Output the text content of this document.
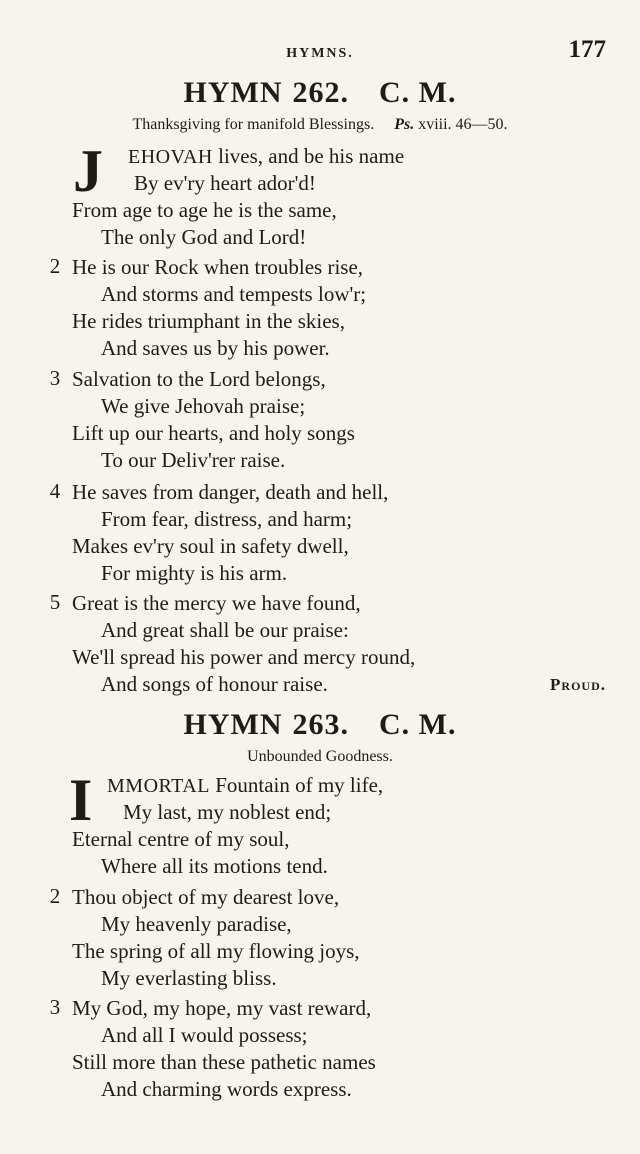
HYMNS.	177
HYMN 262. C. M.
Thanksgiving for manifold Blessings. Ps. xviii. 46—50.
J	EHOVAH lives, and be his name
By ev'ry heart ador'd!
From age to age he is the same,
The only God and Lord!
2 He is our Rock when troubles rise,
And storms and tempests low'r;
He rides triumphant in the skies,
And saves us by his power.
3 Salvation to the Lord belongs,
We give Jehovah praise;
Lift up our hearts, and holy songs
To our Deliv'rer raise.
4 He saves from danger, death and hell,
From fear, distress, and harm;
Makes ev'ry soul in safety dwell,
For mighty is his arm.
5 Great is the mercy we have found,
And great shall be our praise:
We'll spread his power and mercy round,
And songs of honour raise.	Proud.
HYMN 263. C. M.
Unbounded Goodness.
I MMORTAL Fountain of my life,
My last, my noblest end;
Eternal centre of my soul,
Where all its motions tend.
2 Thou object of my dearest love,
My heavenly paradise,
The spring of all my flowing joys,
My everlasting bliss.
3 My God, my hope, my vast reward,
And all I would possess;
Still more than these pathetic names
And charming words express.
